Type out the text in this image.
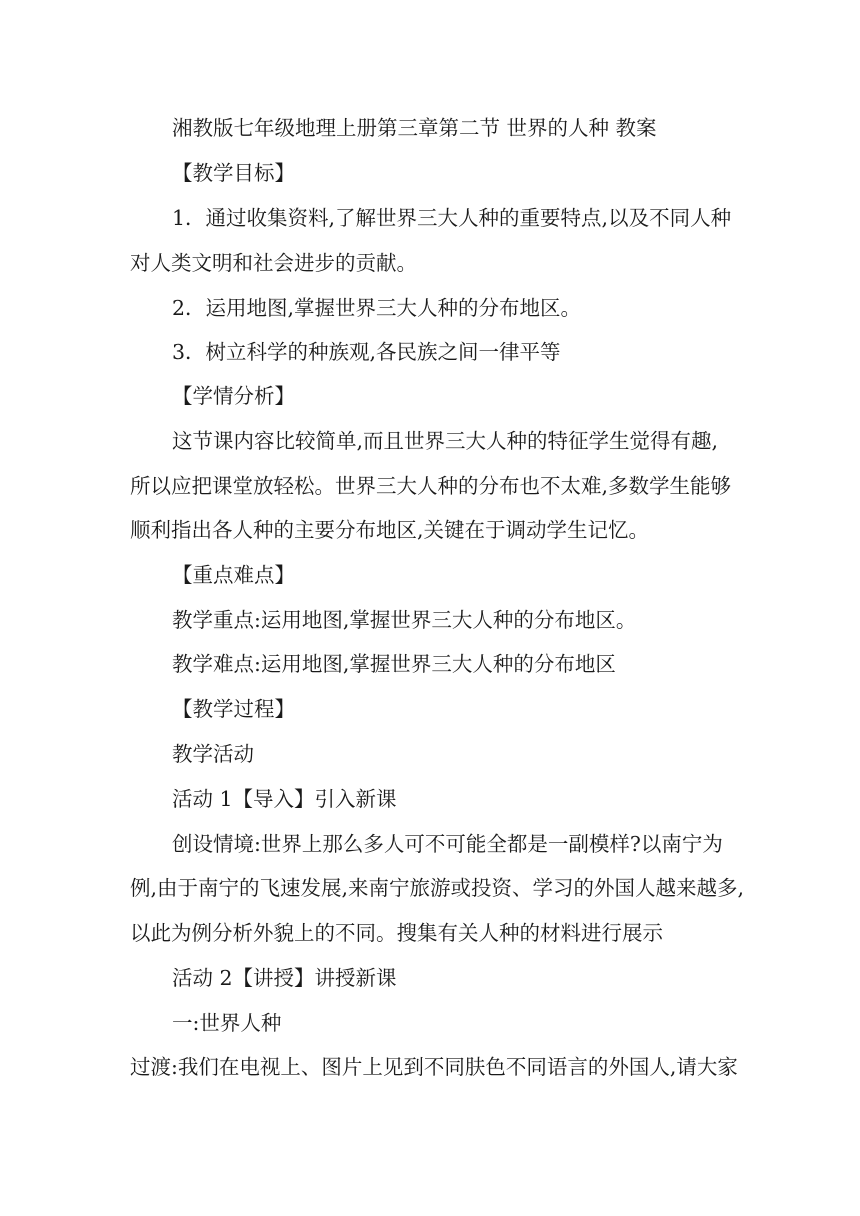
湘教版七年级地理上册第三章第二节 世界的人种 教案

【教学目标】

1．通过收集资料,了解世界三大人种的重要特点,以及不同人种

对人类文明和社会进步的贡献。

2．运用地图,掌握世界三大人种的分布地区。

3．树立科学的种族观,各民族之间一律平等

【学情分析】

这节课内容比较简单,而且世界三大人种的特征学生觉得有趣,

所以应把课堂放轻松。世界三大人种的分布也不太难,多数学生能够

顺利指出各人种的主要分布地区,关键在于调动学生记忆。

【重点难点】

教学重点:运用地图,掌握世界三大人种的分布地区。

教学难点:运用地图,掌握世界三大人种的分布地区

【教学过程】

教学活动

活动 1【导入】引入新课

创设情境:世界上那么多人可不可能全都是一副模样?以南宁为

例,由于南宁的飞速发展,来南宁旅游或投资、学习的外国人越来越多,

以此为例分析外貌上的不同。搜集有关人种的材料进行展示

活动 2【讲授】讲授新课

一:世界人种

过渡:我们在电视上、图片上见到不同肤色不同语言的外国人,请大家
